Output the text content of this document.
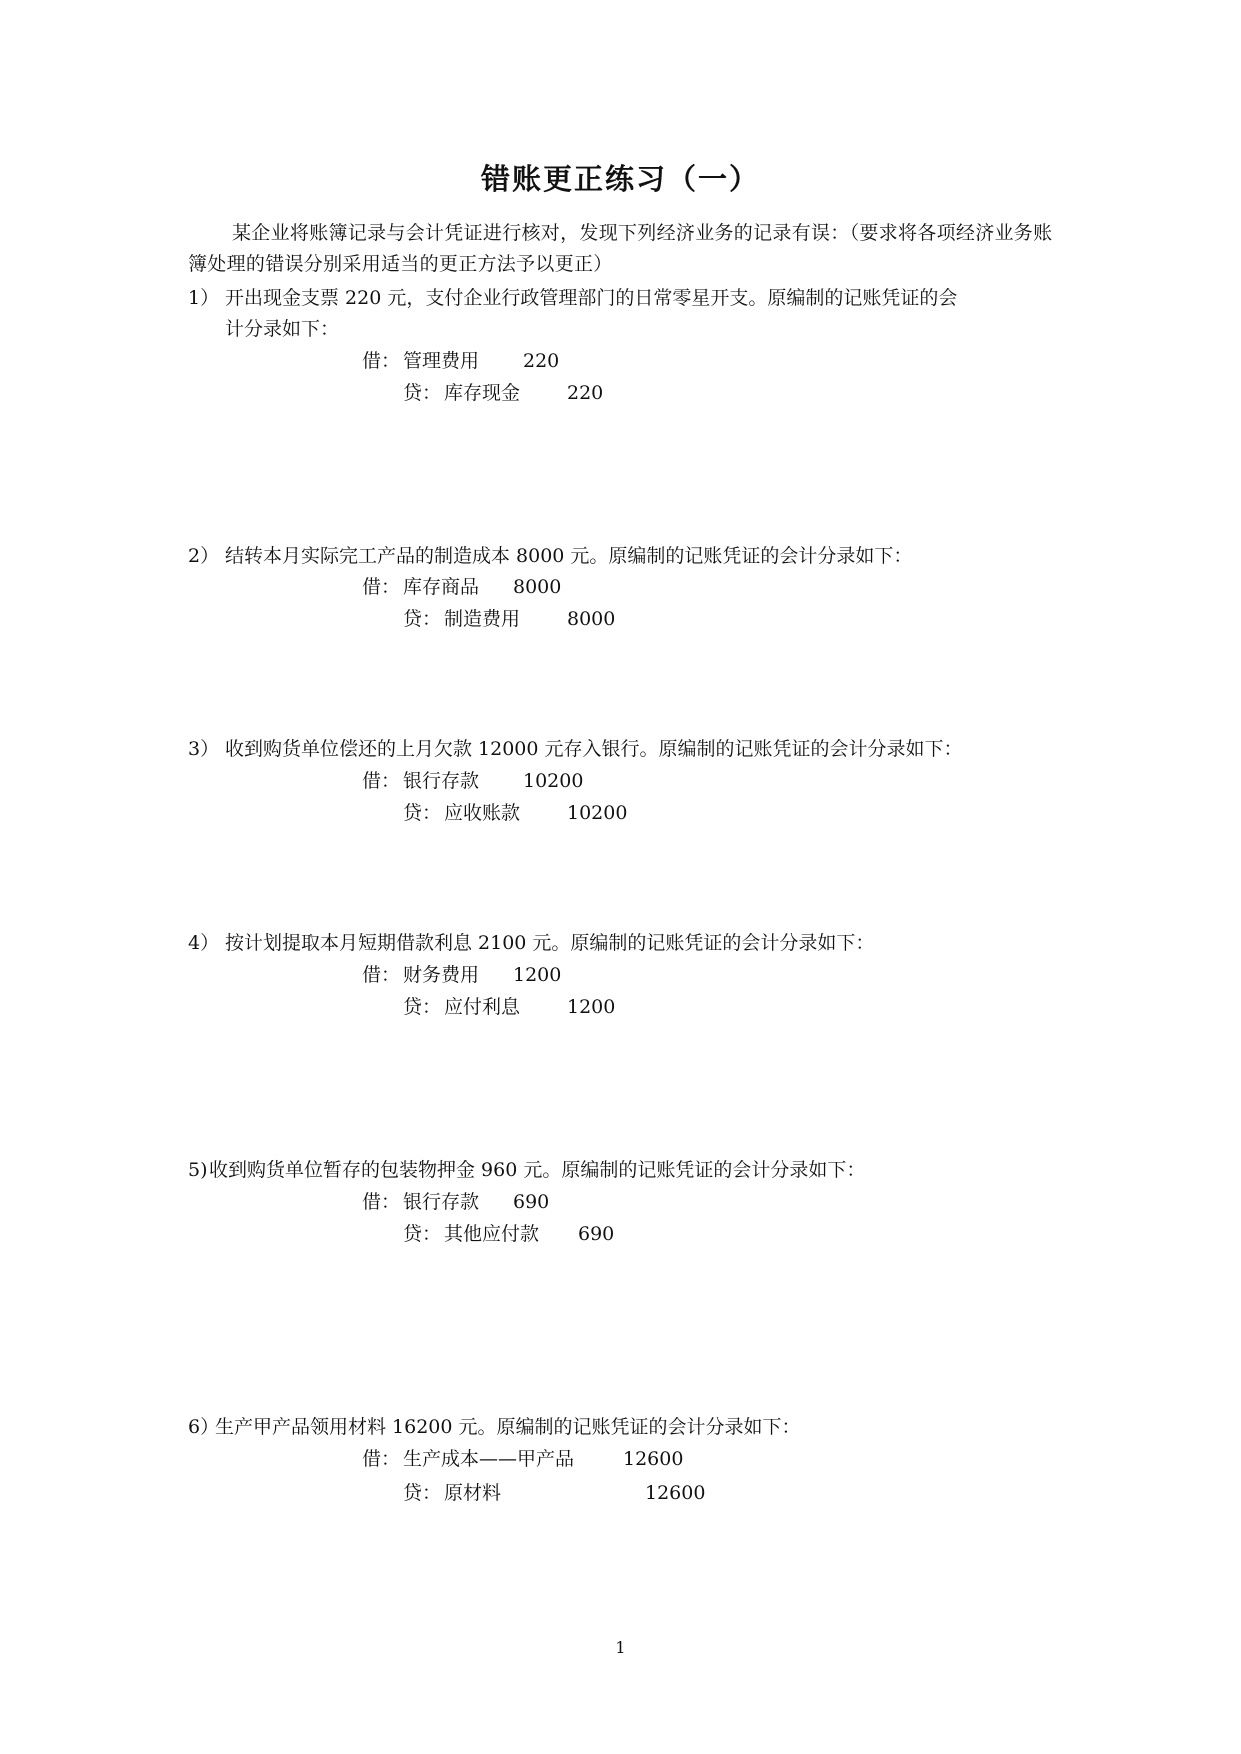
错账更正练习（一）
某企业将账簿记录与会计凭证进行核对，发现下列经济业务的记录有误：（要求将各项经济业务账簿处理的错误分别采用适当的更正方法予以更正）
1） 开出现金支票 220 元，支付企业行政管理部门的日常零星开支。原编制的记账凭证的会
计分录如下：
借： 管理费用 220
贷： 库存现金 220
2） 结转本月实际完工产品的制造成本 8000 元。原编制的记账凭证的会计分录如下：
借： 库存商品 8000
贷： 制造费用 8000
3） 收到购货单位偿还的上月欠款 12000 元存入银行。原编制的记账凭证的会计分录如下：
借： 银行存款 10200
贷： 应收账款 10200
4） 按计划提取本月短期借款利息 2100 元。原编制的记账凭证的会计分录如下：
借： 财务费用 1200
贷： 应付利息 1200
5) 收到购货单位暂存的包装物押金 960 元。原编制的记账凭证的会计分录如下：
借： 银行存款 690
贷： 其他应付款 690
6）
生产甲产品领用材料 16200 元。原编制的记账凭证的会计分录如下：
借： 生产成本——甲产品	12600
贷： 原材料	12600
1
